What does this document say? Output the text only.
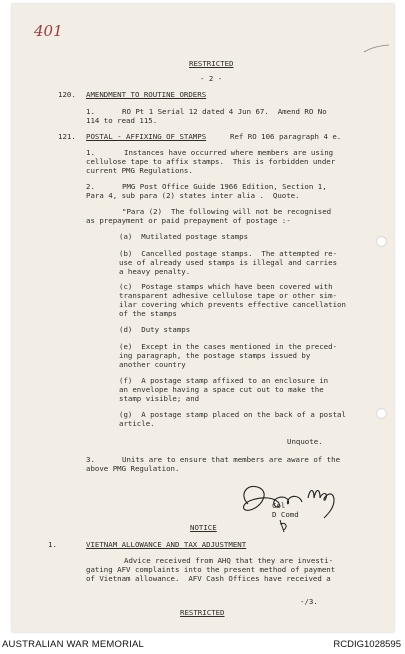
401
RESTRICTED
- 2 -
120. AMENDMENT TO ROUTINE ORDERS
1.	RO Pt 1 Serial 12 dated 4 Jun 67.  Amend RO No
114 to read 115.
121. POSTAL - AFFIXING OF STAMPS	Ref RO 106 paragraph 4 e.
1.	Instances have occurred where members are using
cellulose tape to affix stamps.  This is forbidden under
current PMG Regulations.
2.	PMG Post Office Guide 1966 Edition, Section 1,
Para 4, sub para (2) states inter alia .  Quote.
"Para (2)  The following will not be recognised
as prepayment or paid prepayment of postage :-
(a)  Mutilated postage stamps
(b)  Cancelled postage stamps.  The attempted re-
use of already used stamps is illegal and carries
a heavy penalty.
(c)  Postage stamps which have been covered with
transparent adhesive cellulose tape or other sim-
ilar covering which prevents effective cancellation
of the stamps
(d)  Duty stamps
(e)  Except in the cases mentioned in the preced-
ing paragraph, the postage stamps issued by
another country
(f)  A postage stamp affixed to an enclosure in
an envelope having a space cut out to make the
stamp visible; and
(g)  A postage stamp placed on the back of a postal
article.
Unquote.
3.	Units are to ensure that members are aware of the
above PMG Regulation.
Col
D Comd
NOTICE
1.	VIETNAM ALLOWANCE AND TAX ADJUSTMENT
Advice received from AHQ that they are investi-
gating AFV complaints into the present method of payment
of Vietnam allowance.  AFV Cash Offices have received a
-/3.
RESTRICTED
AUSTRALIAN WAR MEMORIAL	RCDIG1028595
